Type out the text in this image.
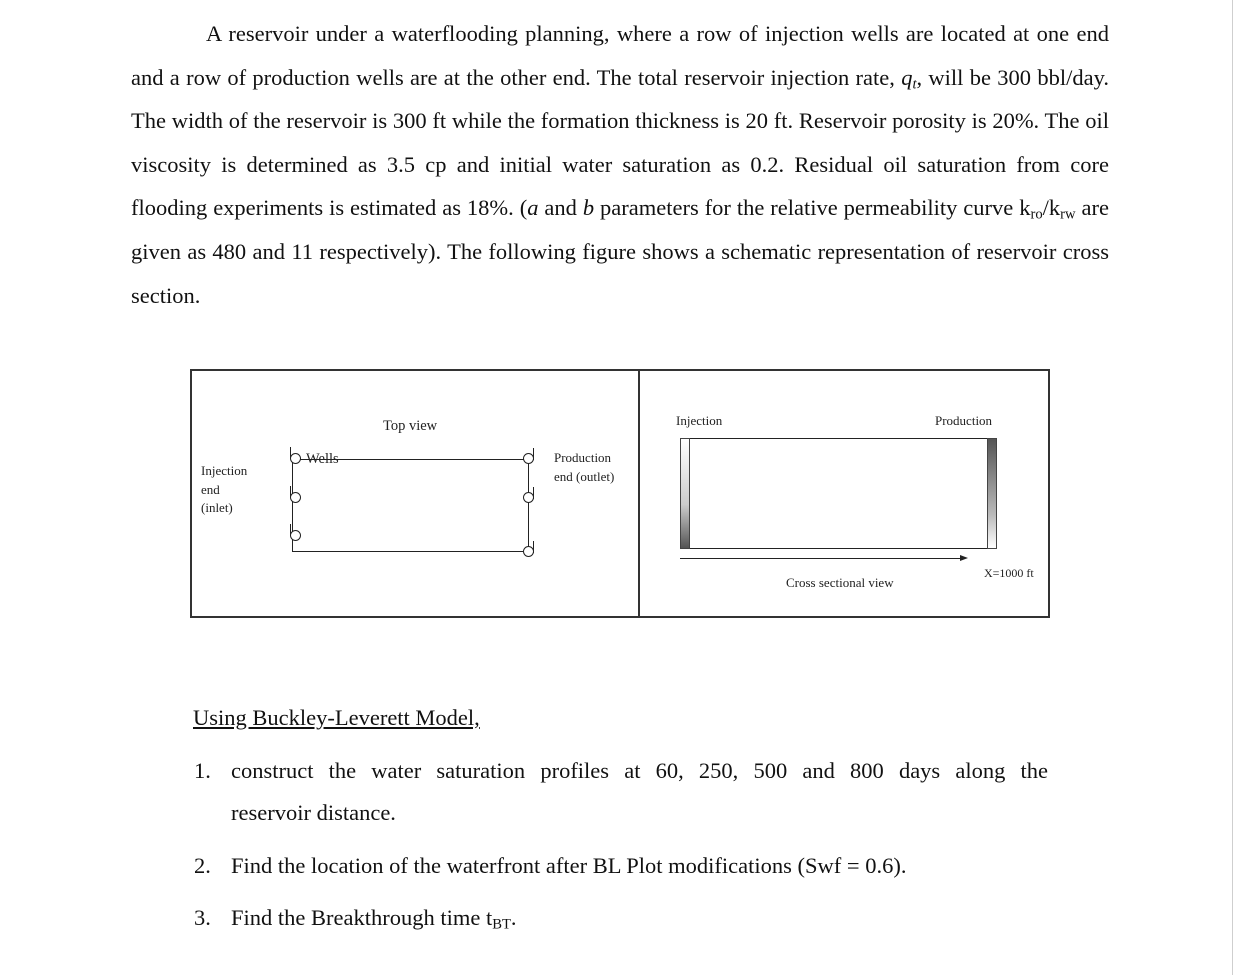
A reservoir under a waterflooding planning, where a row of injection wells are located at one end and a row of production wells are at the other end. The total reservoir injection rate, $q_t$, will be 300 bbl/day. The width of the reservoir is 300 ft while the formation thickness is 20 ft. Reservoir porosity is 20%. The oil viscosity is determined as 3.5 cp and initial water saturation as 0.2. Residual oil saturation from core flooding experiments is estimated as 18%. (a and b parameters for the relative permeability curve $k_{ro}/k_{rw}$ are given as 480 and 11 respectively). The following figure shows a schematic representation of reservoir cross section.

Top view
Wells
Injection
end
(inlet)
Production
end (outlet)
Injection	Production
X=1000 ft
Cross sectional view
Using Buckley-Leverett Model,
1. construct the water saturation profiles at 60, 250, 500 and 800 days along the
reservoir distance.
2. Find the location of the waterfront after BL Plot modifications (Swf = 0.6).
3. Find the Breakthrough time $t_{BT}$.
